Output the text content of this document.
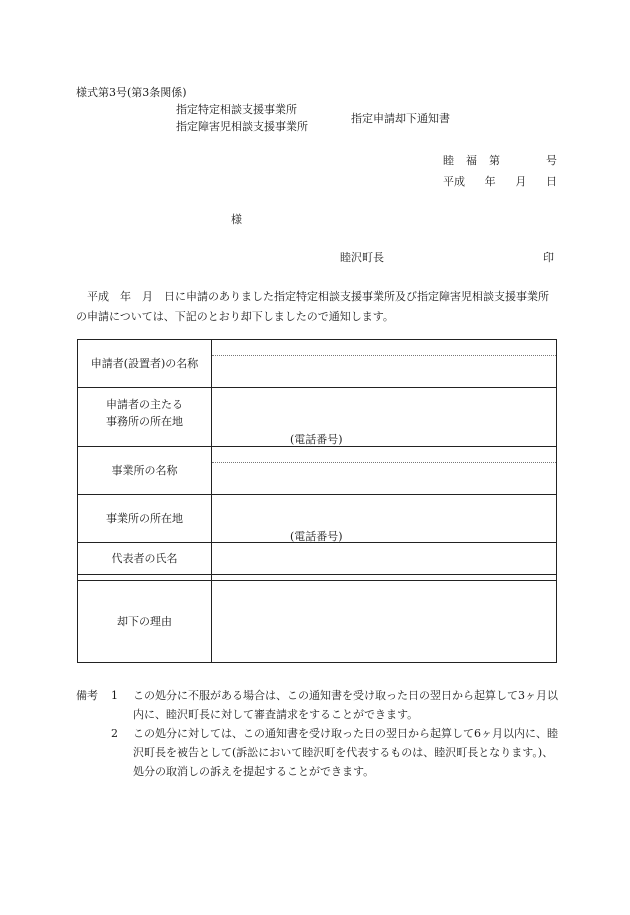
様式第3号(第3条関係)
指定特定相談支援事業所
指定障害児相談支援事業所
指定申請却下通知書
睦 福 第	号
平成 年 月 日
様
睦沢町長	印
平成　年　月　日に申請のありました指定特定相談支援事業所及び指定障害児相談支援事業所の申請については、下記のとおり却下しましたので通知します。
申請者(設置者)の名称	

申請者の主たる
事務所の所在地	(電話番号)

事業所の名称	

事業所の所在地	(電話番号)

代表者の氏名	

却下の理由	
備考	1	この処分に不服がある場合は、この通知書を受け取った日の翌日から起算して3ヶ月以内に、睦沢町長に対して審査請求をすることができます。
2	この処分に対しては、この通知書を受け取った日の翌日から起算して6ヶ月以内に、睦沢町長を被告として(訴訟において睦沢町を代表するものは、睦沢町長となります。)、処分の取消しの訴えを提起することができます。
